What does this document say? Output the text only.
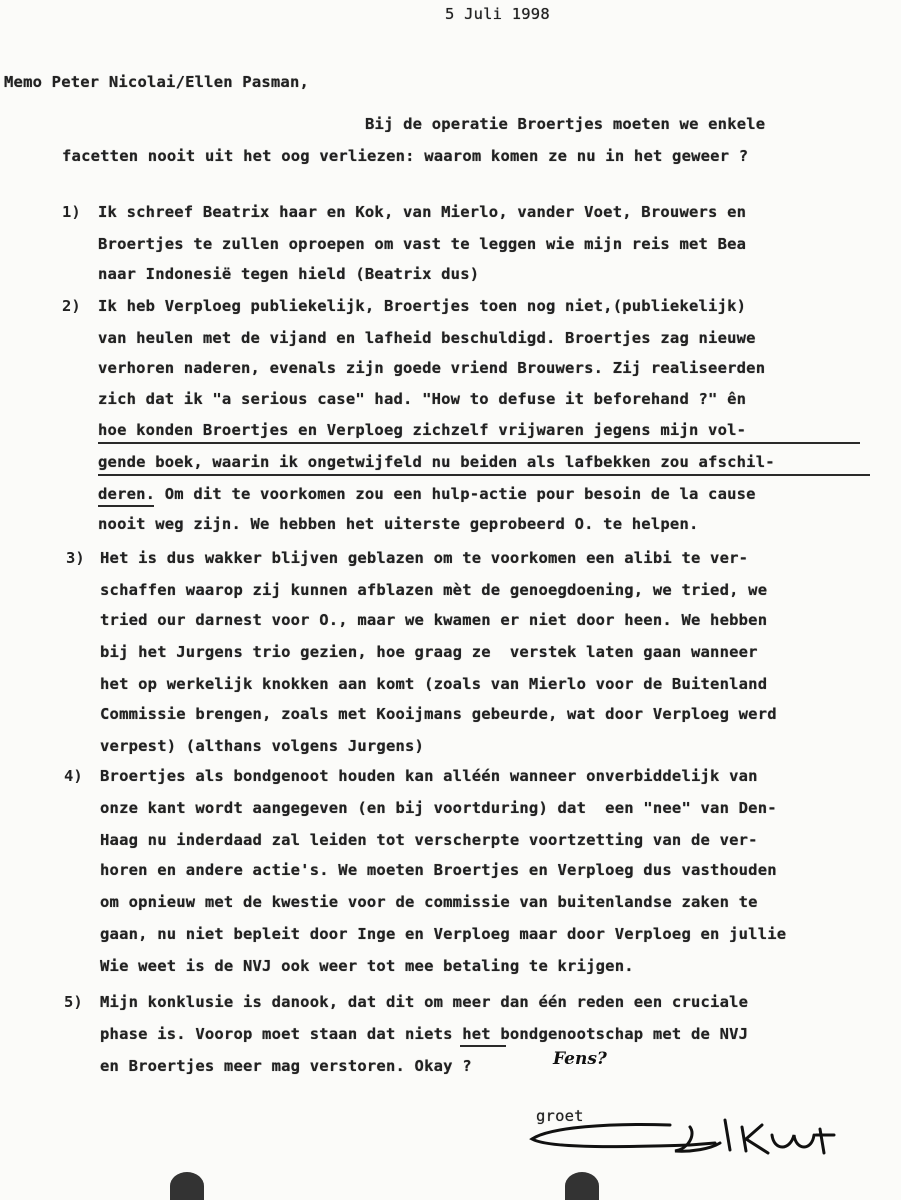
5 Juli 1998
Memo Peter Nicolai/Ellen Pasman,
Bij de operatie Broertjes moeten we enkele
facetten nooit uit het oog verliezen: waarom komen ze nu in het geweer ?
1) Ik schreef Beatrix haar en Kok, van Mierlo, vander Voet, Brouwers en
Broertjes te zullen oproepen om vast te leggen wie mijn reis met Bea
naar Indonesië tegen hield (Beatrix dus)
2) Ik heb Verploeg publiekelijk, Broertjes toen nog niet,(publiekelijk)
van heulen met de vijand en lafheid beschuldigd. Broertjes zag nieuwe
verhoren naderen, evenals zijn goede vriend Brouwers. Zij realiseerden
zich dat ik "a serious case" had. "How to defuse it beforehand ?" ên
hoe konden Broertjes en Verploeg zichzelf vrijwaren jegens mijn vol-
gende boek, waarin ik ongetwijfeld nu beiden als lafbekken zou afschil-
deren. Om dit te voorkomen zou een hulp-actie pour besoin de la cause
nooit weg zijn. We hebben het uiterste geprobeerd O. te helpen.
3) Het is dus wakker blijven geblazen om te voorkomen een alibi te ver-
schaffen waarop zij kunnen afblazen mèt de genoegdoening, we tried, we
tried our darnest voor O., maar we kwamen er niet door heen. We hebben
bij het Jurgens trio gezien, hoe graag ze  verstek laten gaan wanneer
het op werkelijk knokken aan komt (zoals van Mierlo voor de Buitenland
Commissie brengen, zoals met Kooijmans gebeurde, wat door Verploeg werd
verpest) (althans volgens Jurgens)
4) Broertjes als bondgenoot houden kan alléén wanneer onverbiddelijk van
onze kant wordt aangegeven (en bij voortduring) dat  een "nee" van Den-
Haag nu inderdaad zal leiden tot verscherpte voortzetting van de ver-
horen en andere actie's. We moeten Broertjes en Verploeg dus vasthouden
om opnieuw met de kwestie voor de commissie van buitenlandse zaken te
gaan, nu niet bepleit door Inge en Verploeg maar door Verploeg en jullie
Wie weet is de NVJ ook weer tot mee betaling te krijgen.
5) Mijn konklusie is danook, dat dit om meer dan één reden een cruciale
phase is. Voorop moet staan dat niets het bondgenootschap met de NVJ
en Broertjes meer mag verstoren. Okay ?	Fens?
groet
